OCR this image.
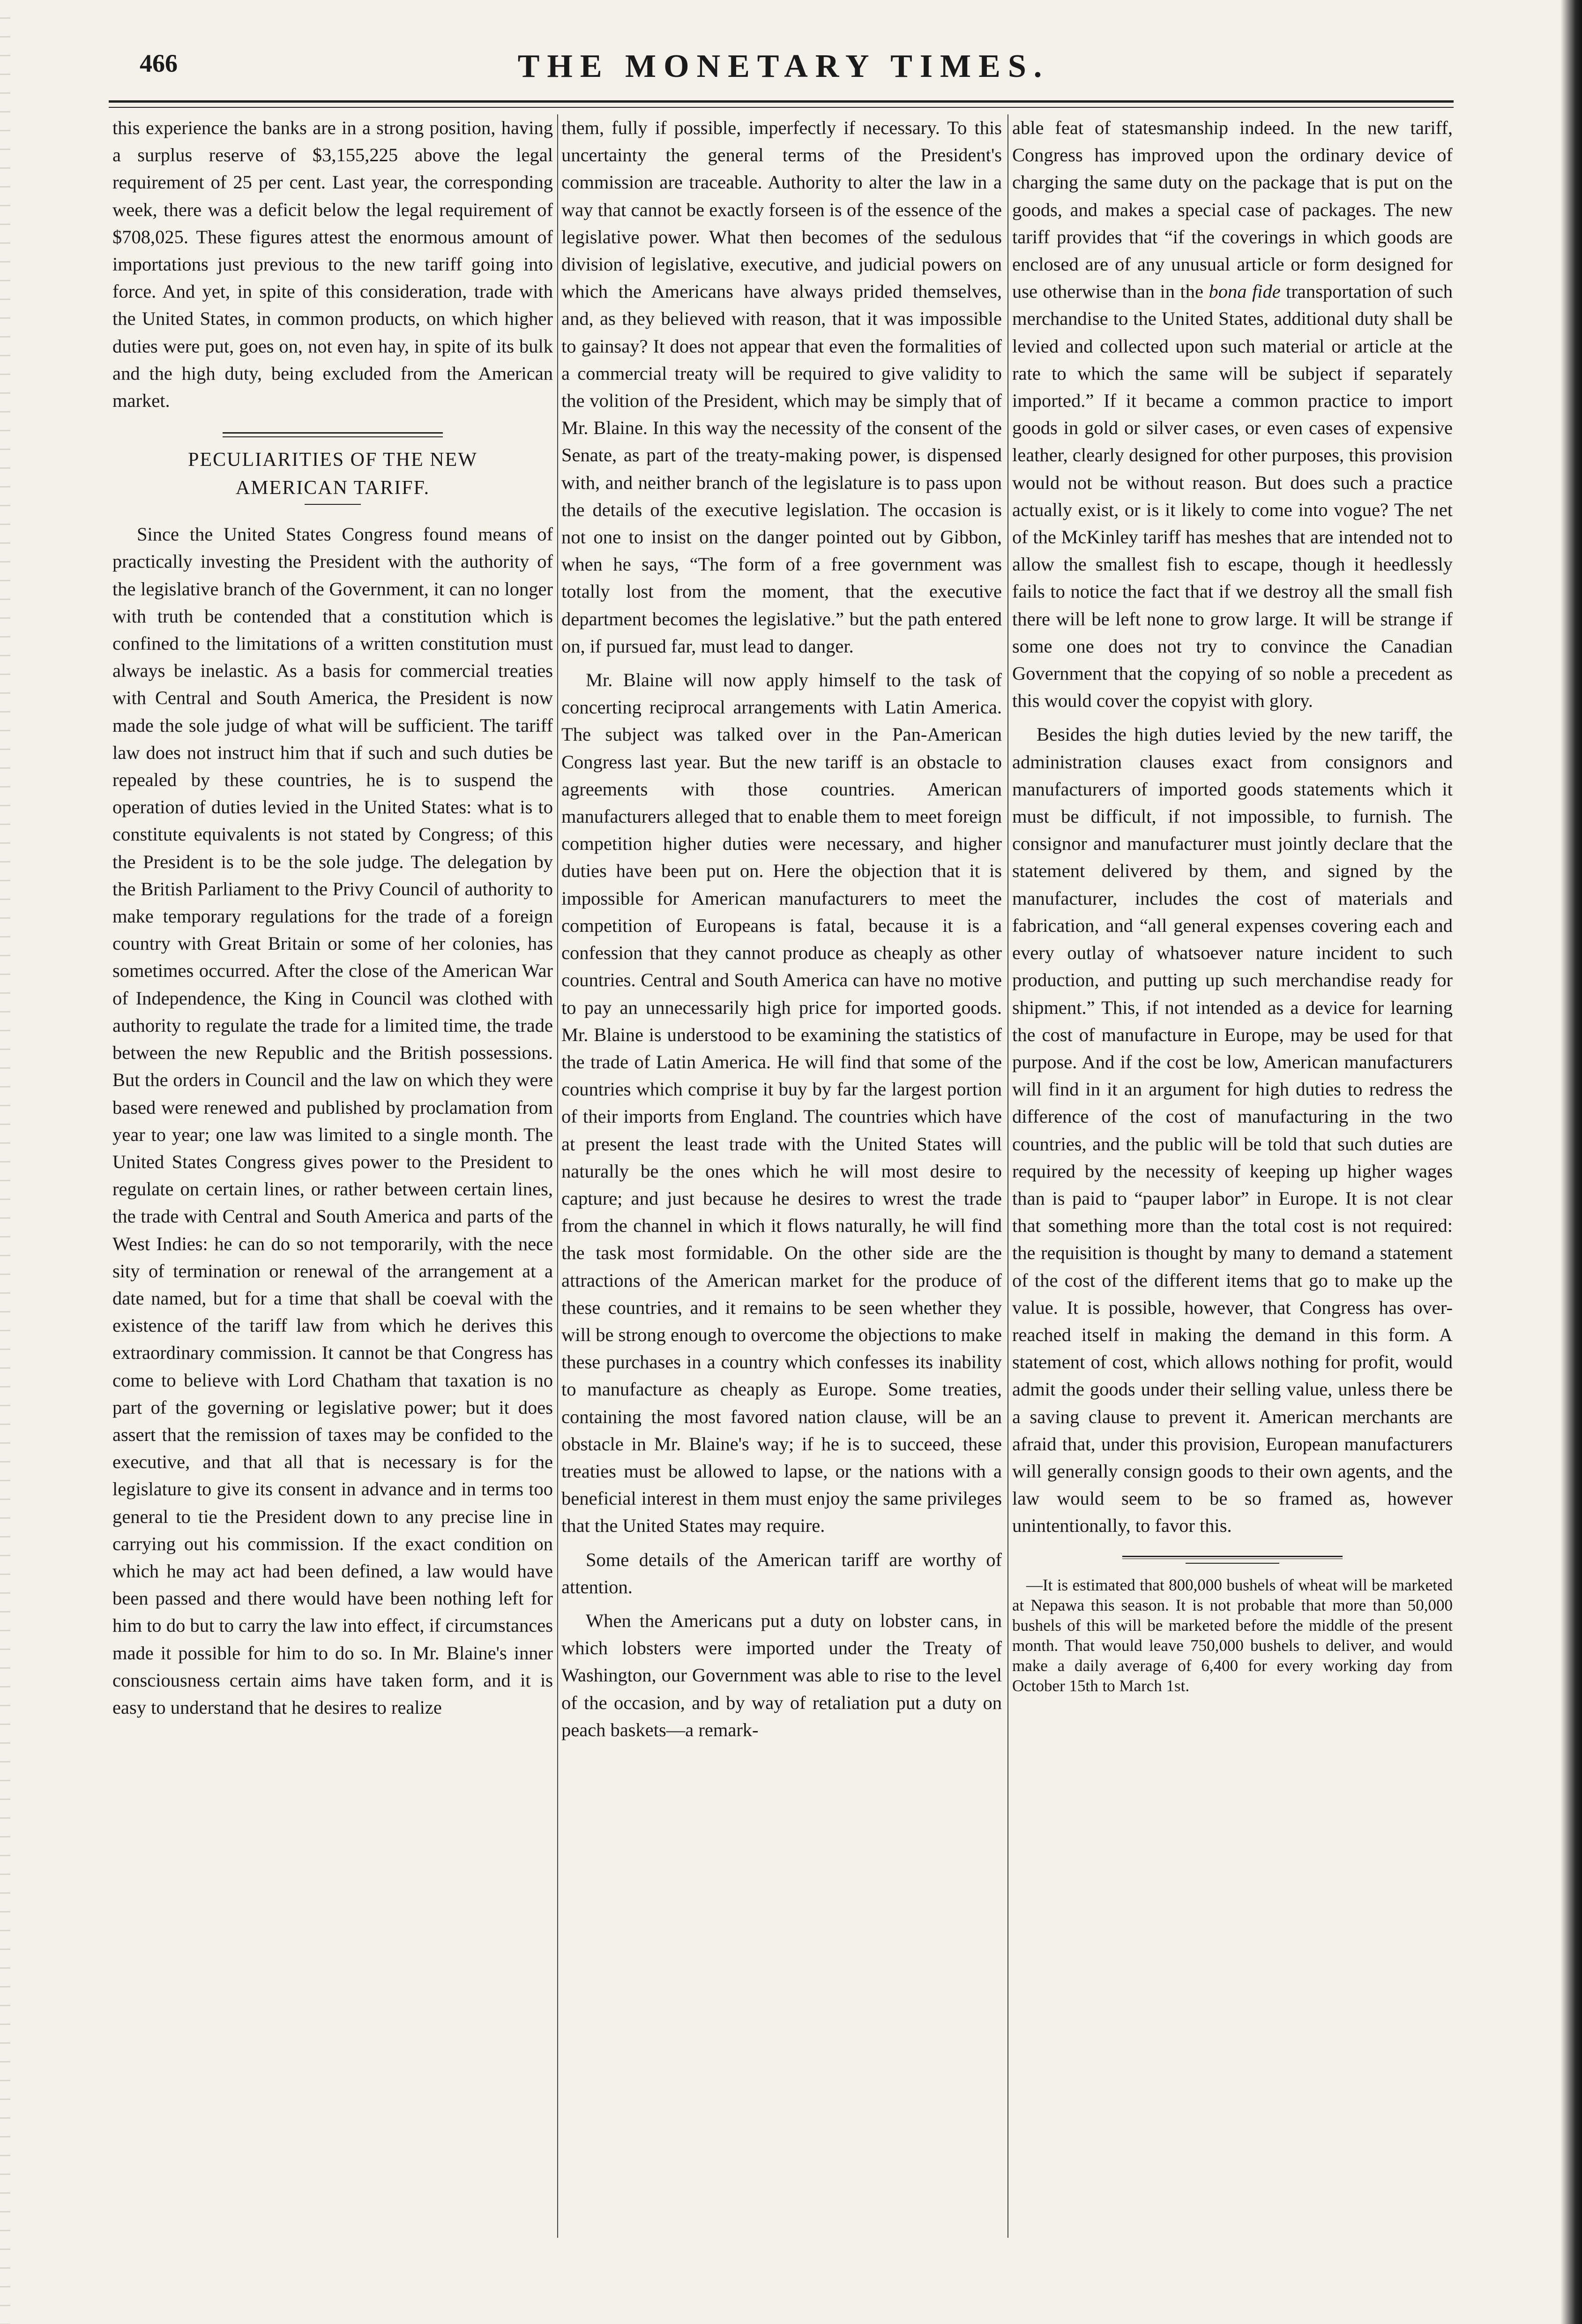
466	THE MONETARY TIMES.

this experience the banks are in a strong position, having a surplus reserve of $3,155,225 above the legal requirement of 25 per cent. Last year, the corresponding week, there was a deficit below the legal requirement of $708,025. These figures attest the enormous amount of importations just previous to the new tariff going into force. And yet, in spite of this consideration, trade with the United States, in common products, on which higher duties were put, goes on, not even hay, in spite of its bulk and the high duty, being excluded from the American market.

PECULIARITIES OF THE NEW
AMERICAN TARIFF.

Since the United States Congress found means of practically investing the President with the authority of the legislative branch of the Government, it can no longer with truth be contended that a constitution which is confined to the limitations of a written constitution must always be inelastic. As a basis for commercial treaties with Central and South America, the President is now made the sole judge of what will be sufficient. The tariff law does not instruct him that if such and such duties be repealed by these countries, he is to suspend the operation of duties levied in the United States: what is to constitute equivalents is not stated by Congress; of this the President is to be the sole judge. The delegation by the British Parliament to the Privy Council of authority to make temporary regulations for the trade of a foreign country with Great Britain or some of her colonies, has sometimes occurred. After the close of the American War of Independence, the King in Council was clothed with authority to regulate the trade for a limited time, the trade between the new Republic and the British possessions. But the orders in Council and the law on which they were based were renewed and published by proclamation from year to year; one law was limited to a single month. The United States Congress gives power to the President to regulate on certain lines, or rather between certain lines, the trade with Central and South America and parts of the West Indies: he can do so not temporarily, with the nece sity of termination or renewal of the arrangement at a date named, but for a time that shall be coeval with the existence of the tariff law from which he derives this extraordinary commission. It cannot be that Congress has come to believe with Lord Chatham that taxation is no part of the governing or legislative power; but it does assert that the remission of taxes may be confided to the executive, and that all that is necessary is for the legislature to give its consent in advance and in terms too general to tie the President down to any precise line in carrying out his commission. If the exact condition on which he may act had been defined, a law would have been passed and there would have been nothing left for him to do but to carry the law into effect, if circumstances made it possible for him to do so. In Mr. Blaine's inner consciousness certain aims have taken form, and it is easy to understand that he desires to realize

them, fully if possible, imperfectly if necessary. To this uncertainty the general terms of the President's commission are traceable. Authority to alter the law in a way that cannot be exactly forseen is of the essence of the legislative power. What then becomes of the sedulous division of legislative, executive, and judicial powers on which the Americans have always prided themselves, and, as they believed with reason, that it was impossible to gainsay? It does not appear that even the formalities of a commercial treaty will be required to give validity to the volition of the President, which may be simply that of Mr. Blaine. In this way the necessity of the consent of the Senate, as part of the treaty-making power, is dispensed with, and neither branch of the legislature is to pass upon the details of the executive legislation. The occasion is not one to insist on the danger pointed out by Gibbon, when he says, “The form of a free government was totally lost from the moment, that the executive department becomes the legislative.” but the path entered on, if pursued far, must lead to danger.

Mr. Blaine will now apply himself to the task of concerting reciprocal arrangements with Latin America. The subject was talked over in the Pan-American Congress last year. But the new tariff is an obstacle to agreements with those countries. American manufacturers alleged that to enable them to meet foreign competition higher duties were necessary, and higher duties have been put on. Here the objection that it is impossible for American manufacturers to meet the competition of Europeans is fatal, because it is a confession that they cannot produce as cheaply as other countries. Central and South America can have no motive to pay an unnecessarily high price for imported goods. Mr. Blaine is understood to be examining the statistics of the trade of Latin America. He will find that some of the countries which comprise it buy by far the largest portion of their imports from England. The countries which have at present the least trade with the United States will naturally be the ones which he will most desire to capture; and just because he desires to wrest the trade from the channel in which it flows naturally, he will find the task most formidable. On the other side are the attractions of the American market for the produce of these countries, and it remains to be seen whether they will be strong enough to overcome the objections to make these purchases in a country which confesses its inability to manufacture as cheaply as Europe. Some treaties, containing the most favored nation clause, will be an obstacle in Mr. Blaine's way; if he is to succeed, these treaties must be allowed to lapse, or the nations with a beneficial interest in them must enjoy the same privileges that the United States may require.

Some details of the American tariff are worthy of attention.

When the Americans put a duty on lobster cans, in which lobsters were imported under the Treaty of Washington, our Government was able to rise to the level of the occasion, and by way of retaliation put a duty on peach baskets—a remark-

able feat of statesmanship indeed. In the new tariff, Congress has improved upon the ordinary device of charging the same duty on the package that is put on the goods, and makes a special case of packages. The new tariff provides that “if the coverings in which goods are enclosed are of any unusual article or form designed for use otherwise than in the bona fide transportation of such merchandise to the United States, additional duty shall be levied and collected upon such material or article at the rate to which the same will be subject if separately imported.” If it became a common practice to import goods in gold or silver cases, or even cases of expensive leather, clearly designed for other purposes, this provision would not be without reason. But does such a practice actually exist, or is it likely to come into vogue? The net of the McKinley tariff has meshes that are intended not to allow the smallest fish to escape, though it heedlessly fails to notice the fact that if we destroy all the small fish there will be left none to grow large. It will be strange if some one does not try to convince the Canadian Government that the copying of so noble a precedent as this would cover the copyist with glory.

Besides the high duties levied by the new tariff, the administration clauses exact from consignors and manufacturers of imported goods statements which it must be difficult, if not impossible, to furnish. The consignor and manufacturer must jointly declare that the statement delivered by them, and signed by the manufacturer, includes the cost of materials and fabrication, and “all general expenses covering each and every outlay of whatsoever nature incident to such production, and putting up such merchandise ready for shipment.” This, if not intended as a device for learning the cost of manufacture in Europe, may be used for that purpose. And if the cost be low, American manufacturers will find in it an argument for high duties to redress the difference of the cost of manufacturing in the two countries, and the public will be told that such duties are required by the necessity of keeping up higher wages than is paid to “pauper labor” in Europe. It is not clear that something more than the total cost is not required: the requisition is thought by many to demand a statement of the cost of the different items that go to make up the value. It is possible, however, that Congress has over-reached itself in making the demand in this form. A statement of cost, which allows nothing for profit, would admit the goods under their selling value, unless there be a saving clause to prevent it. American merchants are afraid that, under this provision, European manufacturers will generally consign goods to their own agents, and the law would seem to be so framed as, however unintentionally, to favor this.

—It is estimated that 800,000 bushels of wheat will be marketed at Nepawa this season. It is not probable that more than 50,000 bushels of this will be marketed before the middle of the present month. That would leave 750,000 bushels to deliver, and would make a daily average of 6,400 for every working day from October 15th to March 1st.
